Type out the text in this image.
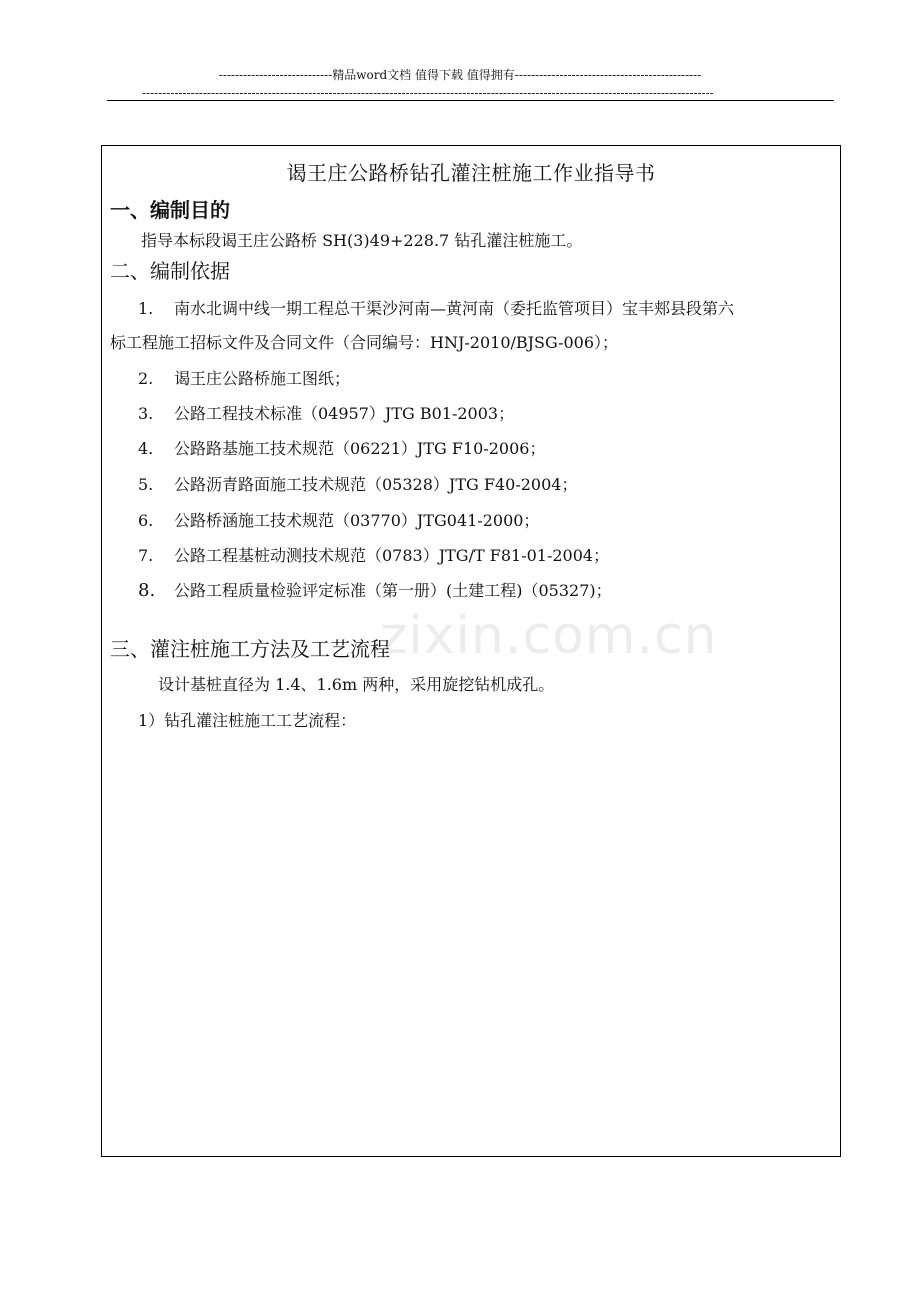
zixin.com.cn
----------------------------精品word文档 值得下载 值得拥有----------------------------------------------
---------------------------------------------------------------------------------------------------------------------------------------------
谒王庄公路桥钻孔灌注桩施工作业指导书
一、编制目的
指导本标段谒王庄公路桥 SH(3)49+228.7 钻孔灌注桩施工。
二、编制依据
1. 南水北调中线一期工程总干渠沙河南—黄河南（委托监管项目）宝丰郏县段第六
标工程施工招标文件及合同文件（合同编号：HNJ-2010/BJSG-006）；
2. 谒王庄公路桥施工图纸；
3. 公路工程技术标准（04957）JTG B01-2003；
4. 公路路基施工技术规范（06221）JTG F10-2006；
5. 公路沥青路面施工技术规范（05328）JTG F40-2004；
6. 公路桥涵施工技术规范（03770）JTG041-2000；
7. 公路工程基桩动测技术规范（0783）JTG/T F81-01-2004；
8. 公路工程质量检验评定标准（第一册）(土建工程)（05327)；
三、灌注桩施工方法及工艺流程
设计基桩直径为 1.4、1.6m 两种，采用旋挖钻机成孔。
1）钻孔灌注桩施工工艺流程：
